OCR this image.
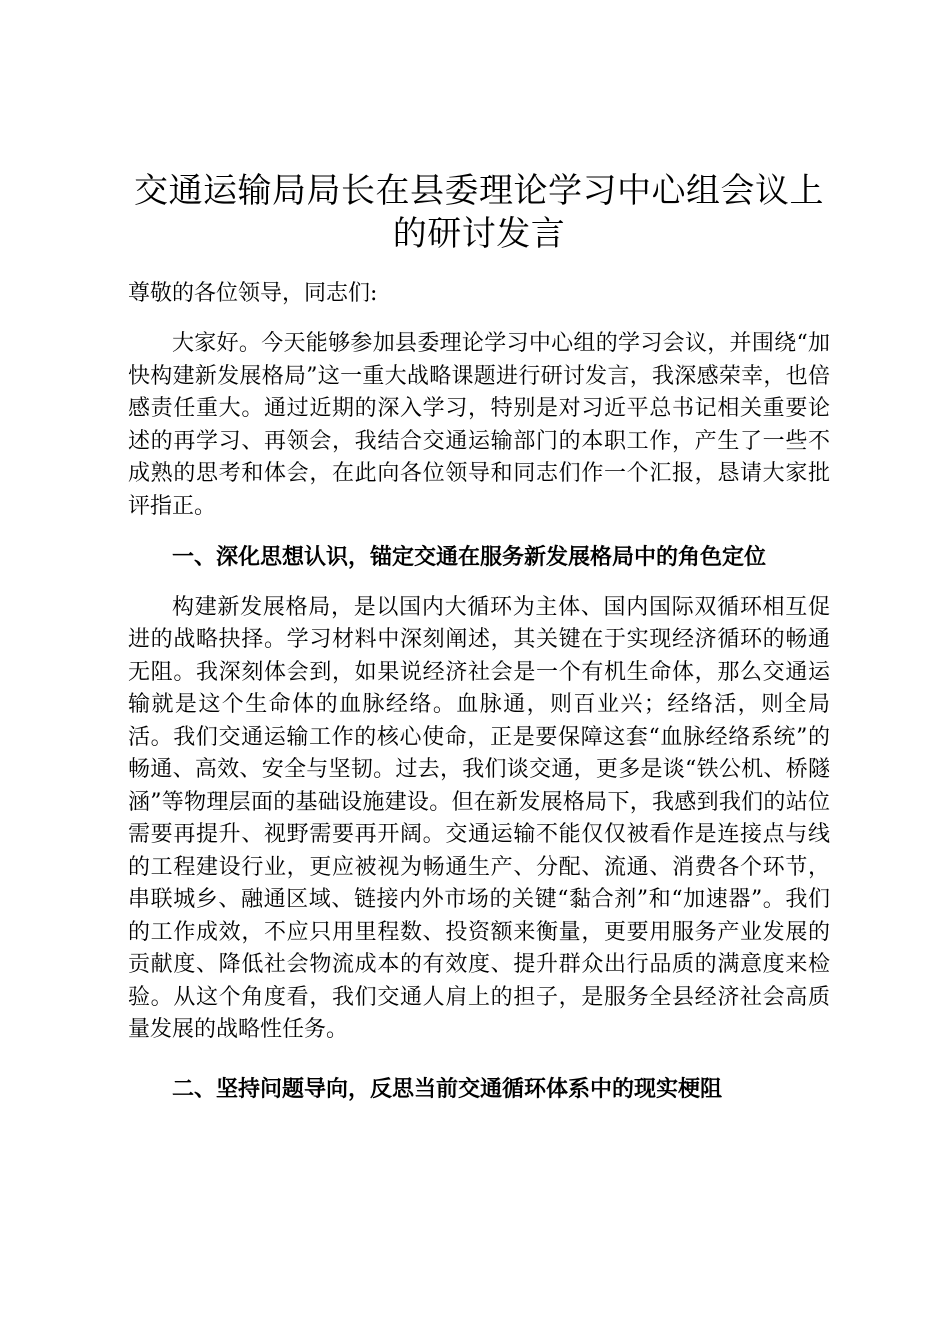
交通运输局局长在县委理论学习中心组会议上的研讨发言

尊敬的各位领导，同志们:

大家好。今天能够参加县委理论学习中心组的学习会议，并围绕“加快构建新发展格局”这一重大战略课题进行研讨发言，我深感荣幸，也倍感责任重大。通过近期的深入学习，特别是对习近平总书记相关重要论述的再学习、再领会，我结合交通运输部门的本职工作，产生了一些不成熟的思考和体会，在此向各位领导和同志们作一个汇报，恳请大家批评指正。

一、深化思想认识，锚定交通在服务新发展格局中的角色定位

构建新发展格局，是以国内大循环为主体、国内国际双循环相互促进的战略抉择。学习材料中深刻阐述，其关键在于实现经济循环的畅通无阻。我深刻体会到，如果说经济社会是一个有机生命体，那么交通运输就是这个生命体的血脉经络。血脉通，则百业兴；经络活，则全局活。我们交通运输工作的核心使命，正是要保障这套“血脉经络系统”的畅通、高效、安全与坚韧。过去，我们谈交通，更多是谈“铁公机、桥隧涵”等物理层面的基础设施建设。但在新发展格局下，我感到我们的站位需要再提升、视野需要再开阔。交通运输不能仅仅被看作是连接点与线的工程建设行业，更应被视为畅通生产、分配、流通、消费各个环节，串联城乡、融通区域、链接内外市场的关键“黏合剂”和“加速器”。我们的工作成效，不应只用里程数、投资额来衡量，更要用服务产业发展的贡献度、降低社会物流成本的有效度、提升群众出行品质的满意度来检验。从这个角度看，我们交通人肩上的担子，是服务全县经济社会高质量发展的战略性任务。

二、坚持问题导向，反思当前交通循环体系中的现实梗阻
